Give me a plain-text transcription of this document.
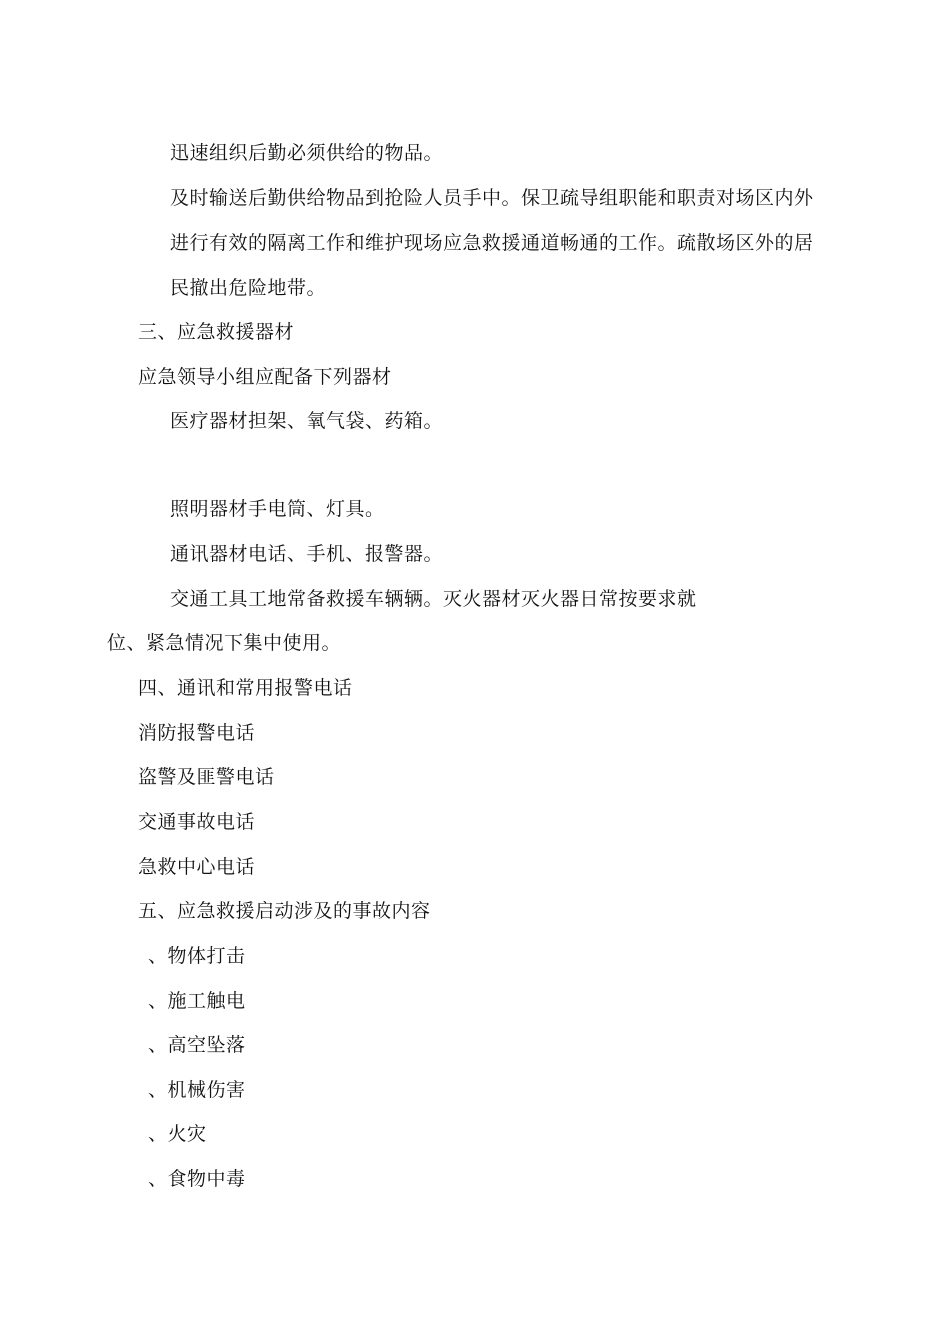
迅速组织后勤必须供给的物品。
及时输送后勤供给物品到抢险人员手中。保卫疏导组职能和职责对场区内外
进行有效的隔离工作和维护现场应急救援通道畅通的工作。疏散场区外的居
民撤出危险地带。
三、应急救援器材
应急领导小组应配备下列器材
医疗器材担架、氧气袋、药箱。
照明器材手电筒、灯具。
通讯器材电话、手机、报警器。
交通工具工地常备救援车辆辆。灭火器材灭火器日常按要求就
位、紧急情况下集中使用。
四、通讯和常用报警电话
消防报警电话
盗警及匪警电话
交通事故电话
急救中心电话
五、应急救援启动涉及的事故内容
、物体打击
、施工触电
、高空坠落
、机械伤害
、火灾
、食物中毒
